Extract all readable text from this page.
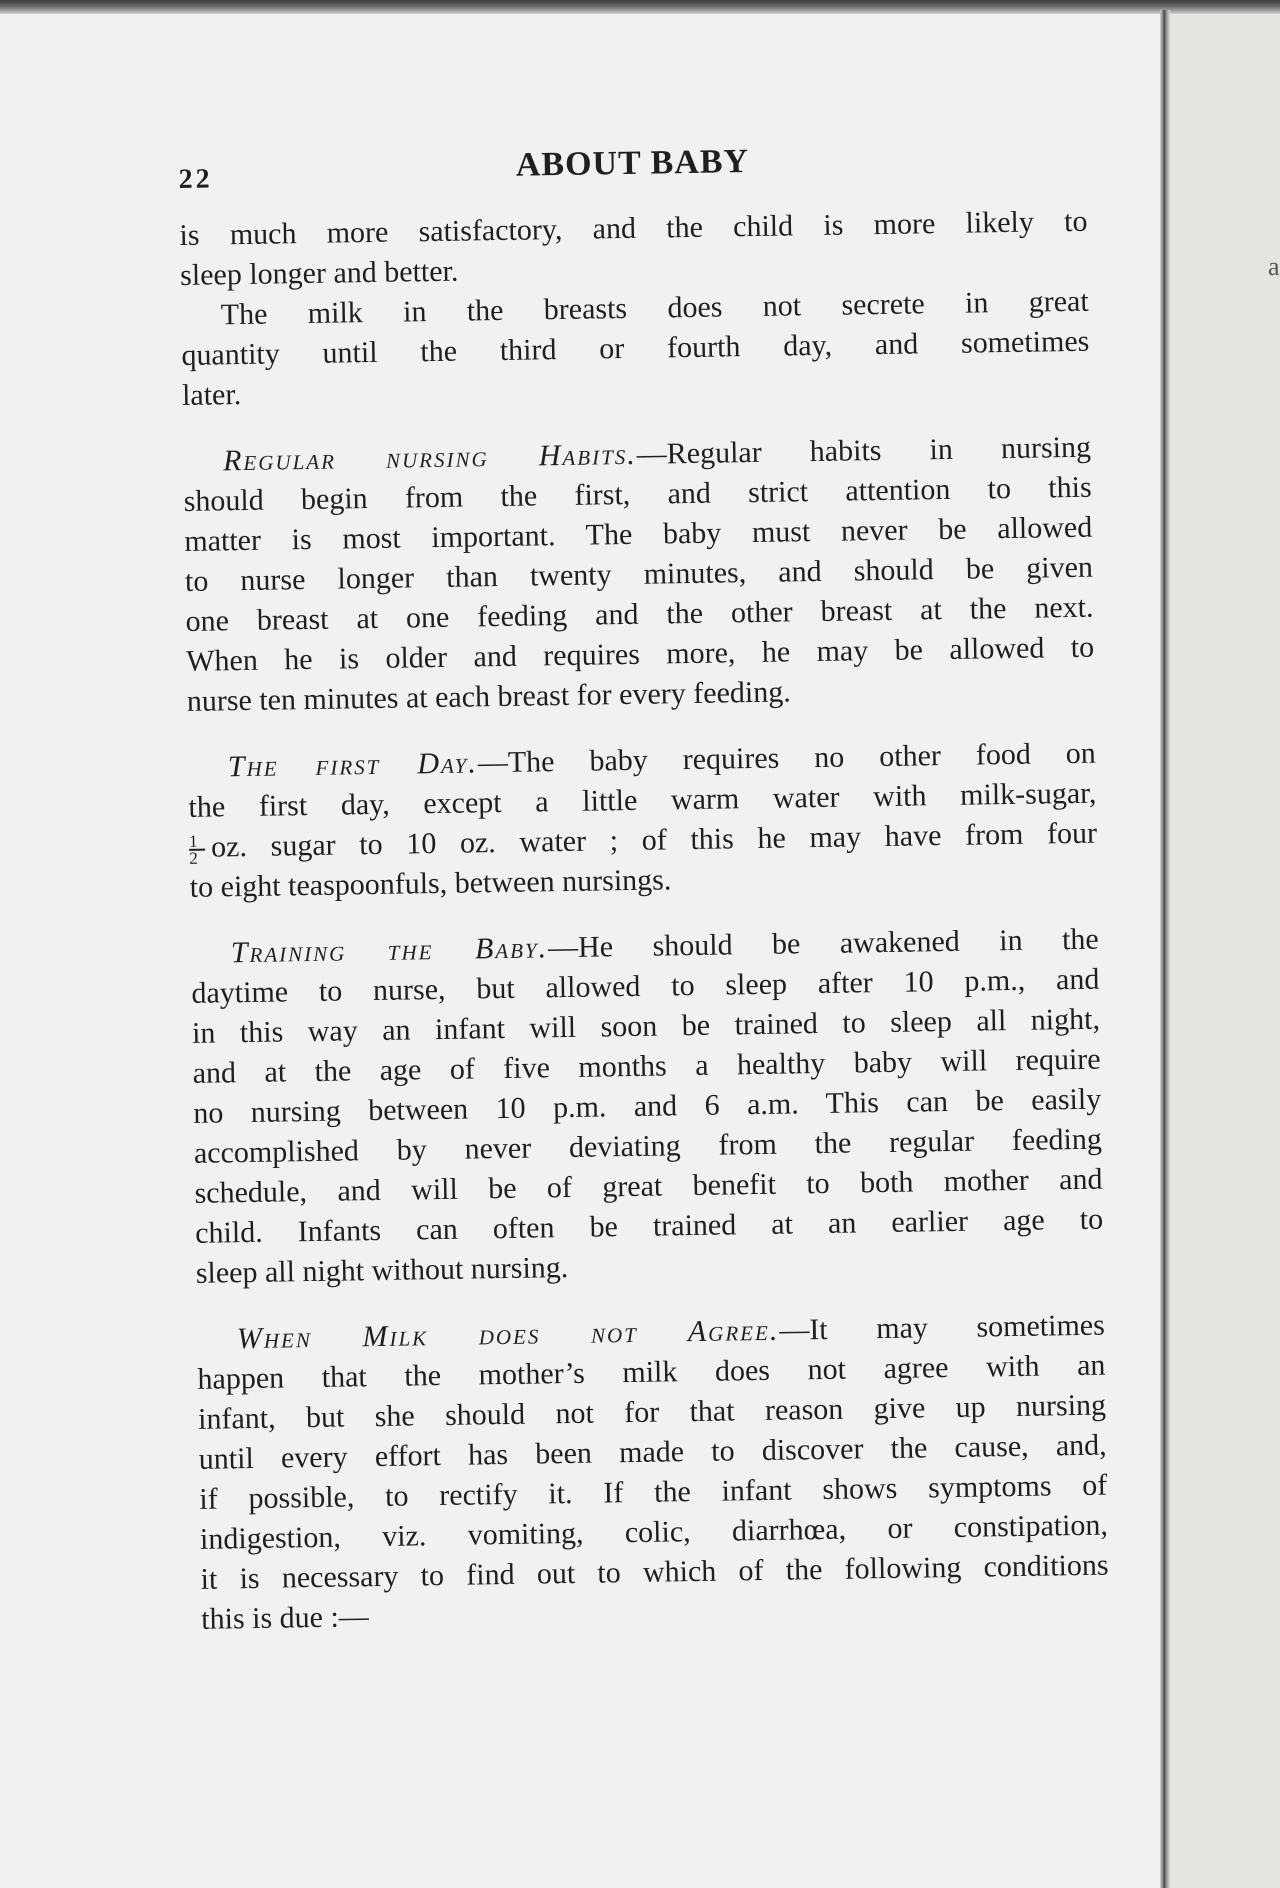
a
22	ABOUT BABY
is much more satisfactory, and the child is more likely to
sleep longer and better.
The milk in the breasts does not secrete in great
quantity until the third or fourth day, and sometimes
later.
Regular nursing Habits.—Regular habits in nursing
should begin from the first, and strict attention to this
matter is most important. The baby must never be allowed
to nurse longer than twenty minutes, and should be given
one breast at one feeding and the other breast at the next.
When he is older and requires more, he may be allowed to
nurse ten minutes at each breast for every feeding.
The first Day.—The baby requires no other food on
the first day, except a little warm water with milk-sugar,
$\frac{1}{2}$ oz. sugar to 10 oz. water ; of this he may have from four
to eight teaspoonfuls, between nursings.
Training the Baby.—He should be awakened in the
daytime to nurse, but allowed to sleep after 10 p.m., and
in this way an infant will soon be trained to sleep all night,
and at the age of five months a healthy baby will require
no nursing between 10 p.m. and 6 a.m. This can be easily
accomplished by never deviating from the regular feeding
schedule, and will be of great benefit to both mother and
child. Infants can often be trained at an earlier age to
sleep all night without nursing.
When Milk does not Agree.—It may sometimes
happen that the mother’s milk does not agree with an
infant, but she should not for that reason give up nursing
until every effort has been made to discover the cause, and,
if possible, to rectify it. If the infant shows symptoms of
indigestion, viz. vomiting, colic, diarrhœa, or constipation,
it is necessary to find out to which of the following conditions
this is due :—
